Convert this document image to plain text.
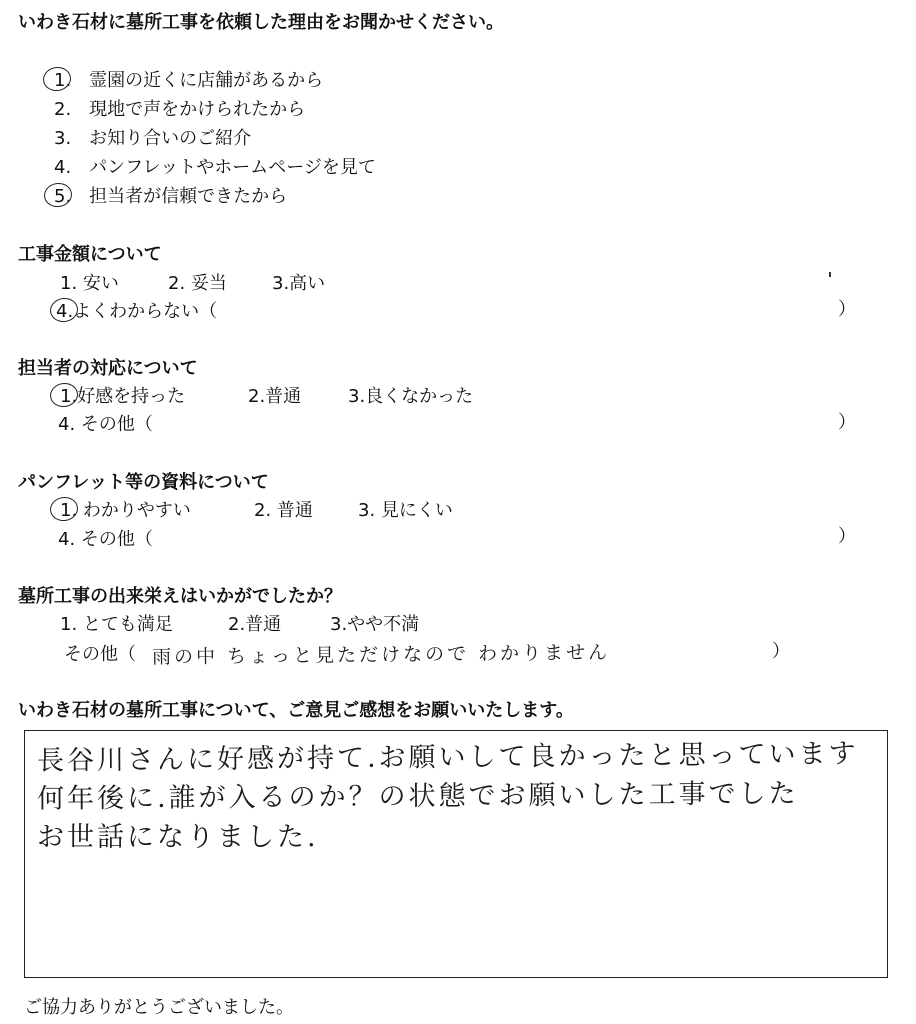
いわき石材に墓所工事を依頼した理由をお聞かせください。
1.　霊園の近くに店舗があるから
2.　現地で声をかけられたから
3.　お知り合いのご紹介
4.　パンフレットやホームページを見て
5.　担当者が信頼できたから
工事金額について
1. 安い	2. 妥当	3.高い
4.よくわからない（	）
担当者の対応について
1.好感を持った	2.普通	3.良くなかった
4. その他（	）
パンフレット等の資料について
1. わかりやすい	2. 普通	3. 見にくい
4. その他（	）
墓所工事の出来栄えはいかがでしたか？
1. とても満足	2.普通	3.やや不満
その他（ 雨の中 ちょっと見ただけなので わかりません	）
いわき石材の墓所工事について、ご意見ご感想をお願いいたします。
長谷川さんに好感が持て.お願いして良かったと思っています
何年後に.誰が入るのか？の状態でお願いした工事でした
お世話になりました.
ご協力ありがとうございました。
